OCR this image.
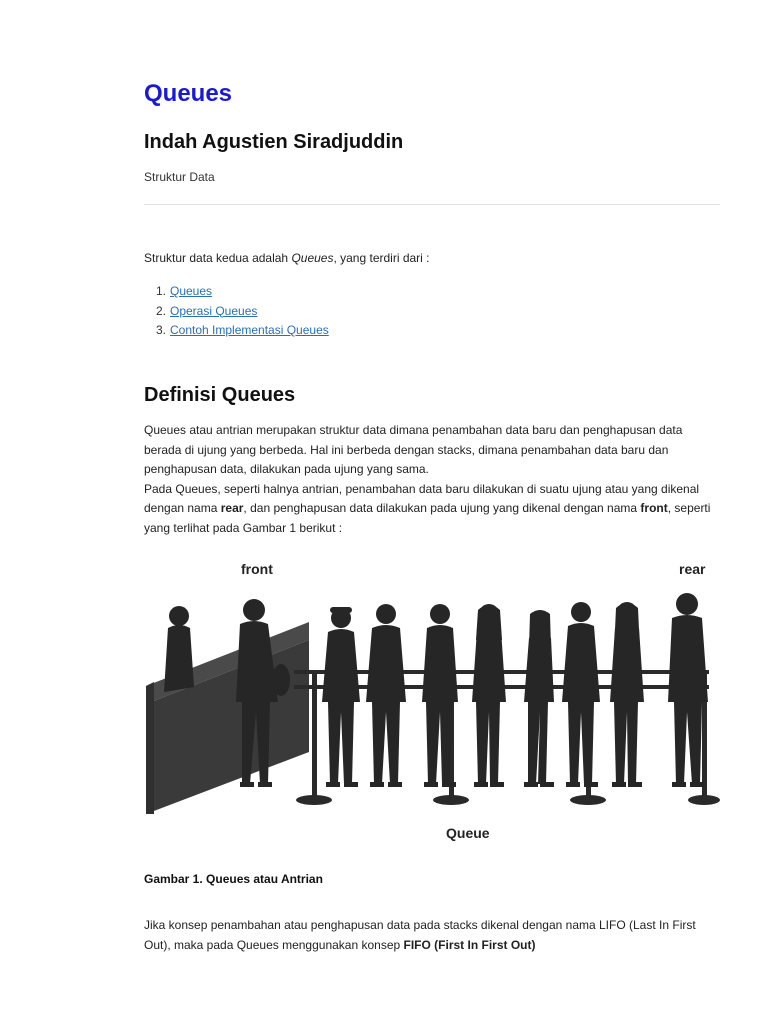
Queues
Indah Agustien Siradjuddin
Struktur Data
Struktur data kedua adalah Queues, yang terdiri dari :
1. Queues
2. Operasi Queues
3. Contoh Implementasi Queues
Definisi Queues

Queues atau antrian merupakan struktur data dimana penambahan data baru dan penghapusan data berada di ujung yang berbeda. Hal ini berbeda dengan stacks, dimana penambahan data baru dan penghapusan data, dilakukan pada ujung yang sama.

Pada Queues, seperti halnya antrian, penambahan data baru dilakukan di suatu ujung atau yang dikenal dengan nama rear, dan penghapusan data dilakukan pada ujung yang dikenal dengan nama front, seperti yang terlihat pada Gambar 1 berikut :

front	rear
Queue
Gambar 1. Queues atau Antrian

Jika konsep penambahan atau penghapusan data pada stacks dikenal dengan nama LIFO (Last In First Out), maka pada Queues menggunakan konsep FIFO (First In First Out)
